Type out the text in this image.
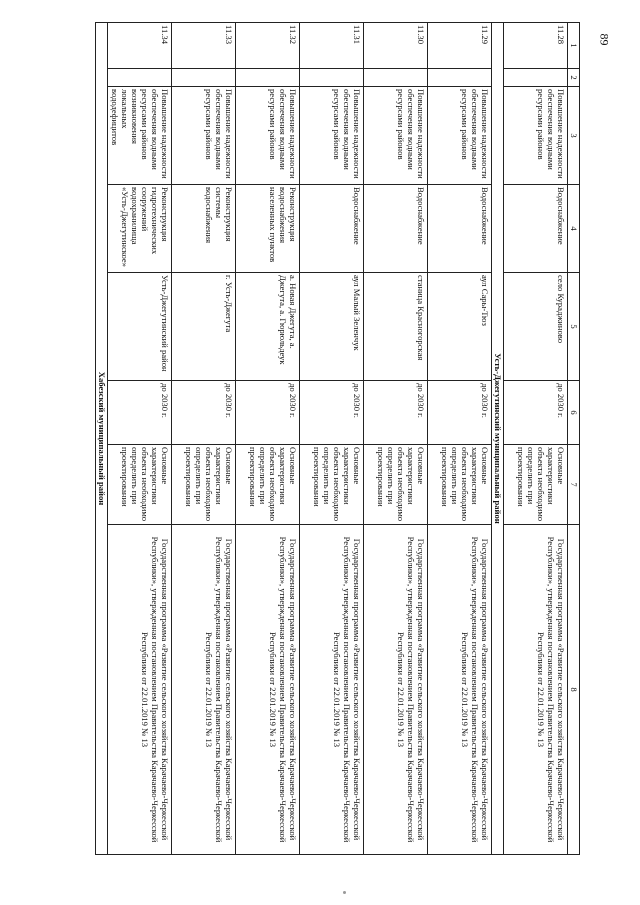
89
1	2	3	4	5	6	7	8
11.28		Повышение надежности обеспечения водными ресурсами районов	Водоснабжение	село Кураджиново	до 2030 г.	Основные характеристики объекта необходимо определить при проектировании	Государственная программа «Развитие сельского хозяйства Карачаево-Черкесской Республики», утвержденная постановлением Правительства Карачаево-Черкесской Республики от 22.01.2019 № 13
Усть-Джегутинский муниципальный район							
11.29		Повышение надежности обеспечения водными ресурсами районов	Водоснабжение	аул Сары-Тюз	до 2030 г.	Основные характеристики объекта необходимо определить при проектировании	Государственная программа «Развитие сельского хозяйства Карачаево-Черкесской Республики», утвержденная постановлением Правительства Карачаево-Черкесской Республики от 22.01.2019 № 13
11.30		Повышение надежности обеспечения водными ресурсами районов	Водоснабжение	станица Красногорская	до 2030 г.	Основные характеристики объекта необходимо определить при проектировании	Государственная программа «Развитие сельского хозяйства Карачаево-Черкесской Республики», утвержденная постановлением Правительства Карачаево-Черкесской Республики от 22.01.2019 № 13
11.31		Повышение надежности обеспечения водными ресурсами районов	Водоснабжение	аул Малый Зеленчук	до 2030 г.	Основные характеристики объекта необходимо определить при проектировании	Государственная программа «Развитие сельского хозяйства Карачаево-Черкесской Республики», утвержденная постановлением Правительства Карачаево-Черкесской Республики от 22.01.2019 № 13
11.32		Повышение надежности обеспечения водными ресурсами районов	Реконструкция водоснабжения населенных пунктов	а. Новая Джегута, а. Джегута, а. Гюрюльдеук	до 2030 г.	Основные характеристики объекта необходимо определить при проектировании	Государственная программа «Развитие сельского хозяйства Карачаево-Черкесской Республики», утвержденная постановлением Правительства Карачаево-Черкесской Республики от 22.01.2019 № 13
11.33		Повышение надежности обеспечения водными ресурсами районов	Реконструкция системы водоснабжения	г. Усть-Джегута	до 2030 г.	Основные характеристики объекта необходимо определить при проектировании	Государственная программа «Развитие сельского хозяйства Карачаево-Черкесской Республики», утвержденная постановлением Правительства Карачаево-Черкесской Республики от 22.01.2019 № 13
11.34		Повышение надежности обеспечения водными ресурсами районов возникновения локальных вододефицитов	Реконструкция гидротехнических сооружений водохранилища «Усть-Джегутинское»	Усть-Джегутинский район	до 2030 г.	Основные характеристики объекта необходимо определить при проектировании	Государственная программа «Развитие сельского хозяйства Карачаево-Черкесской Республики», утвержденная постановлением Правительства Карачаево-Черкесской Республики от 22.01.2019 № 13
Хабезский муниципальный район							
